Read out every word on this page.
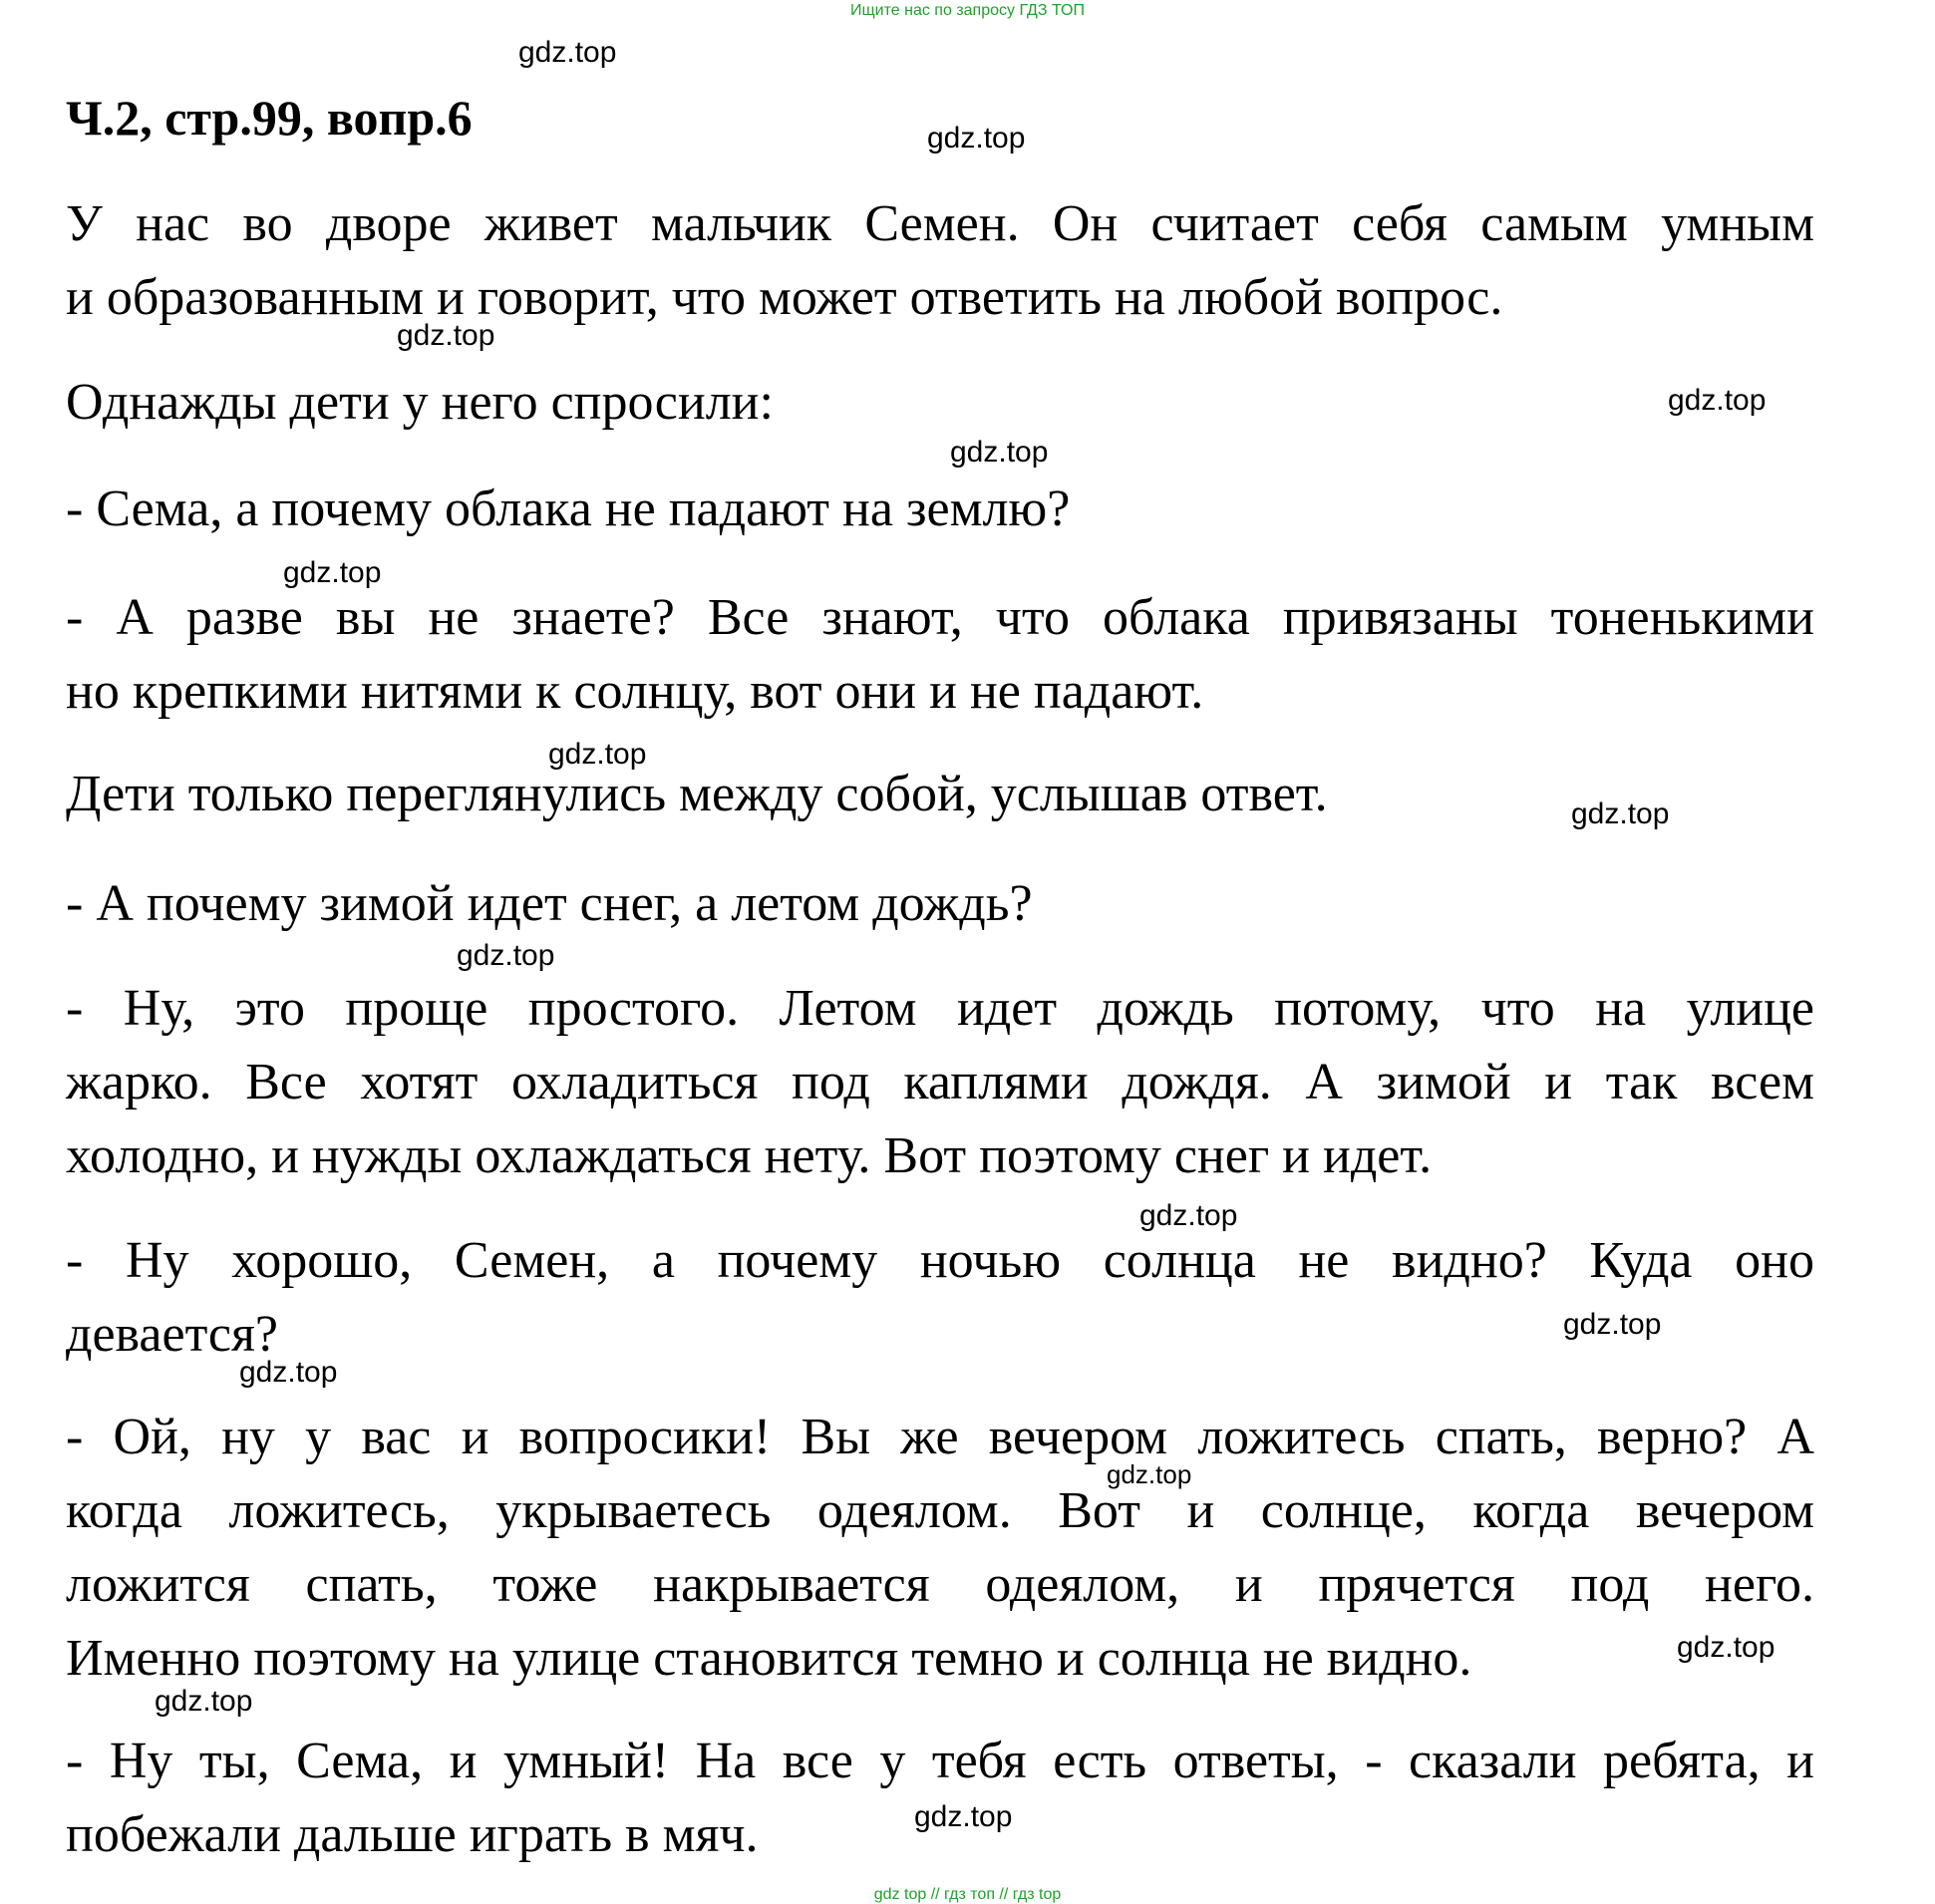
Ищите нас по запросу ГДЗ ТОП
Ч.2, стр.99, вопр.6
У нас во дворе живет мальчик Семен. Он считает себя самым умным
и образованным и говорит, что может ответить на любой вопрос.
Однажды дети у него спросили:
- Сема, а почему облака не падают на землю?
- А разве вы не знаете? Все знают, что облака привязаны тоненькими
но крепкими нитями к солнцу, вот они и не падают.
Дети только переглянулись между собой, услышав ответ.
- А почему зимой идет снег, а летом дождь?
- Ну, это проще простого. Летом идет дождь потому, что на улице
жарко. Все хотят охладиться под каплями дождя. А зимой и так всем
холодно, и нужды охлаждаться нету. Вот поэтому снег и идет.
- Ну хорошо, Семен, а почему ночью солнца не видно? Куда оно
девается?
- Ой, ну у вас и вопросики! Вы же вечером ложитесь спать, верно? А
когда ложитесь, укрываетесь одеялом. Вот и солнце, когда вечером
ложится спать, тоже накрывается одеялом, и прячется под него.
Именно поэтому на улице становится темно и солнца не видно.
- Ну ты, Сема, и умный! На все у тебя есть ответы, - сказали ребята, и
побежали дальше играть в мяч.
gdz.top
gdz.top
gdz.top
gdz.top
gdz.top
gdz.top
gdz.top
gdz.top
gdz.top
gdz.top
gdz.top
gdz.top
gdz.top
gdz.top
gdz.top
gdz.top
gdz top // гдз топ // гдз top
